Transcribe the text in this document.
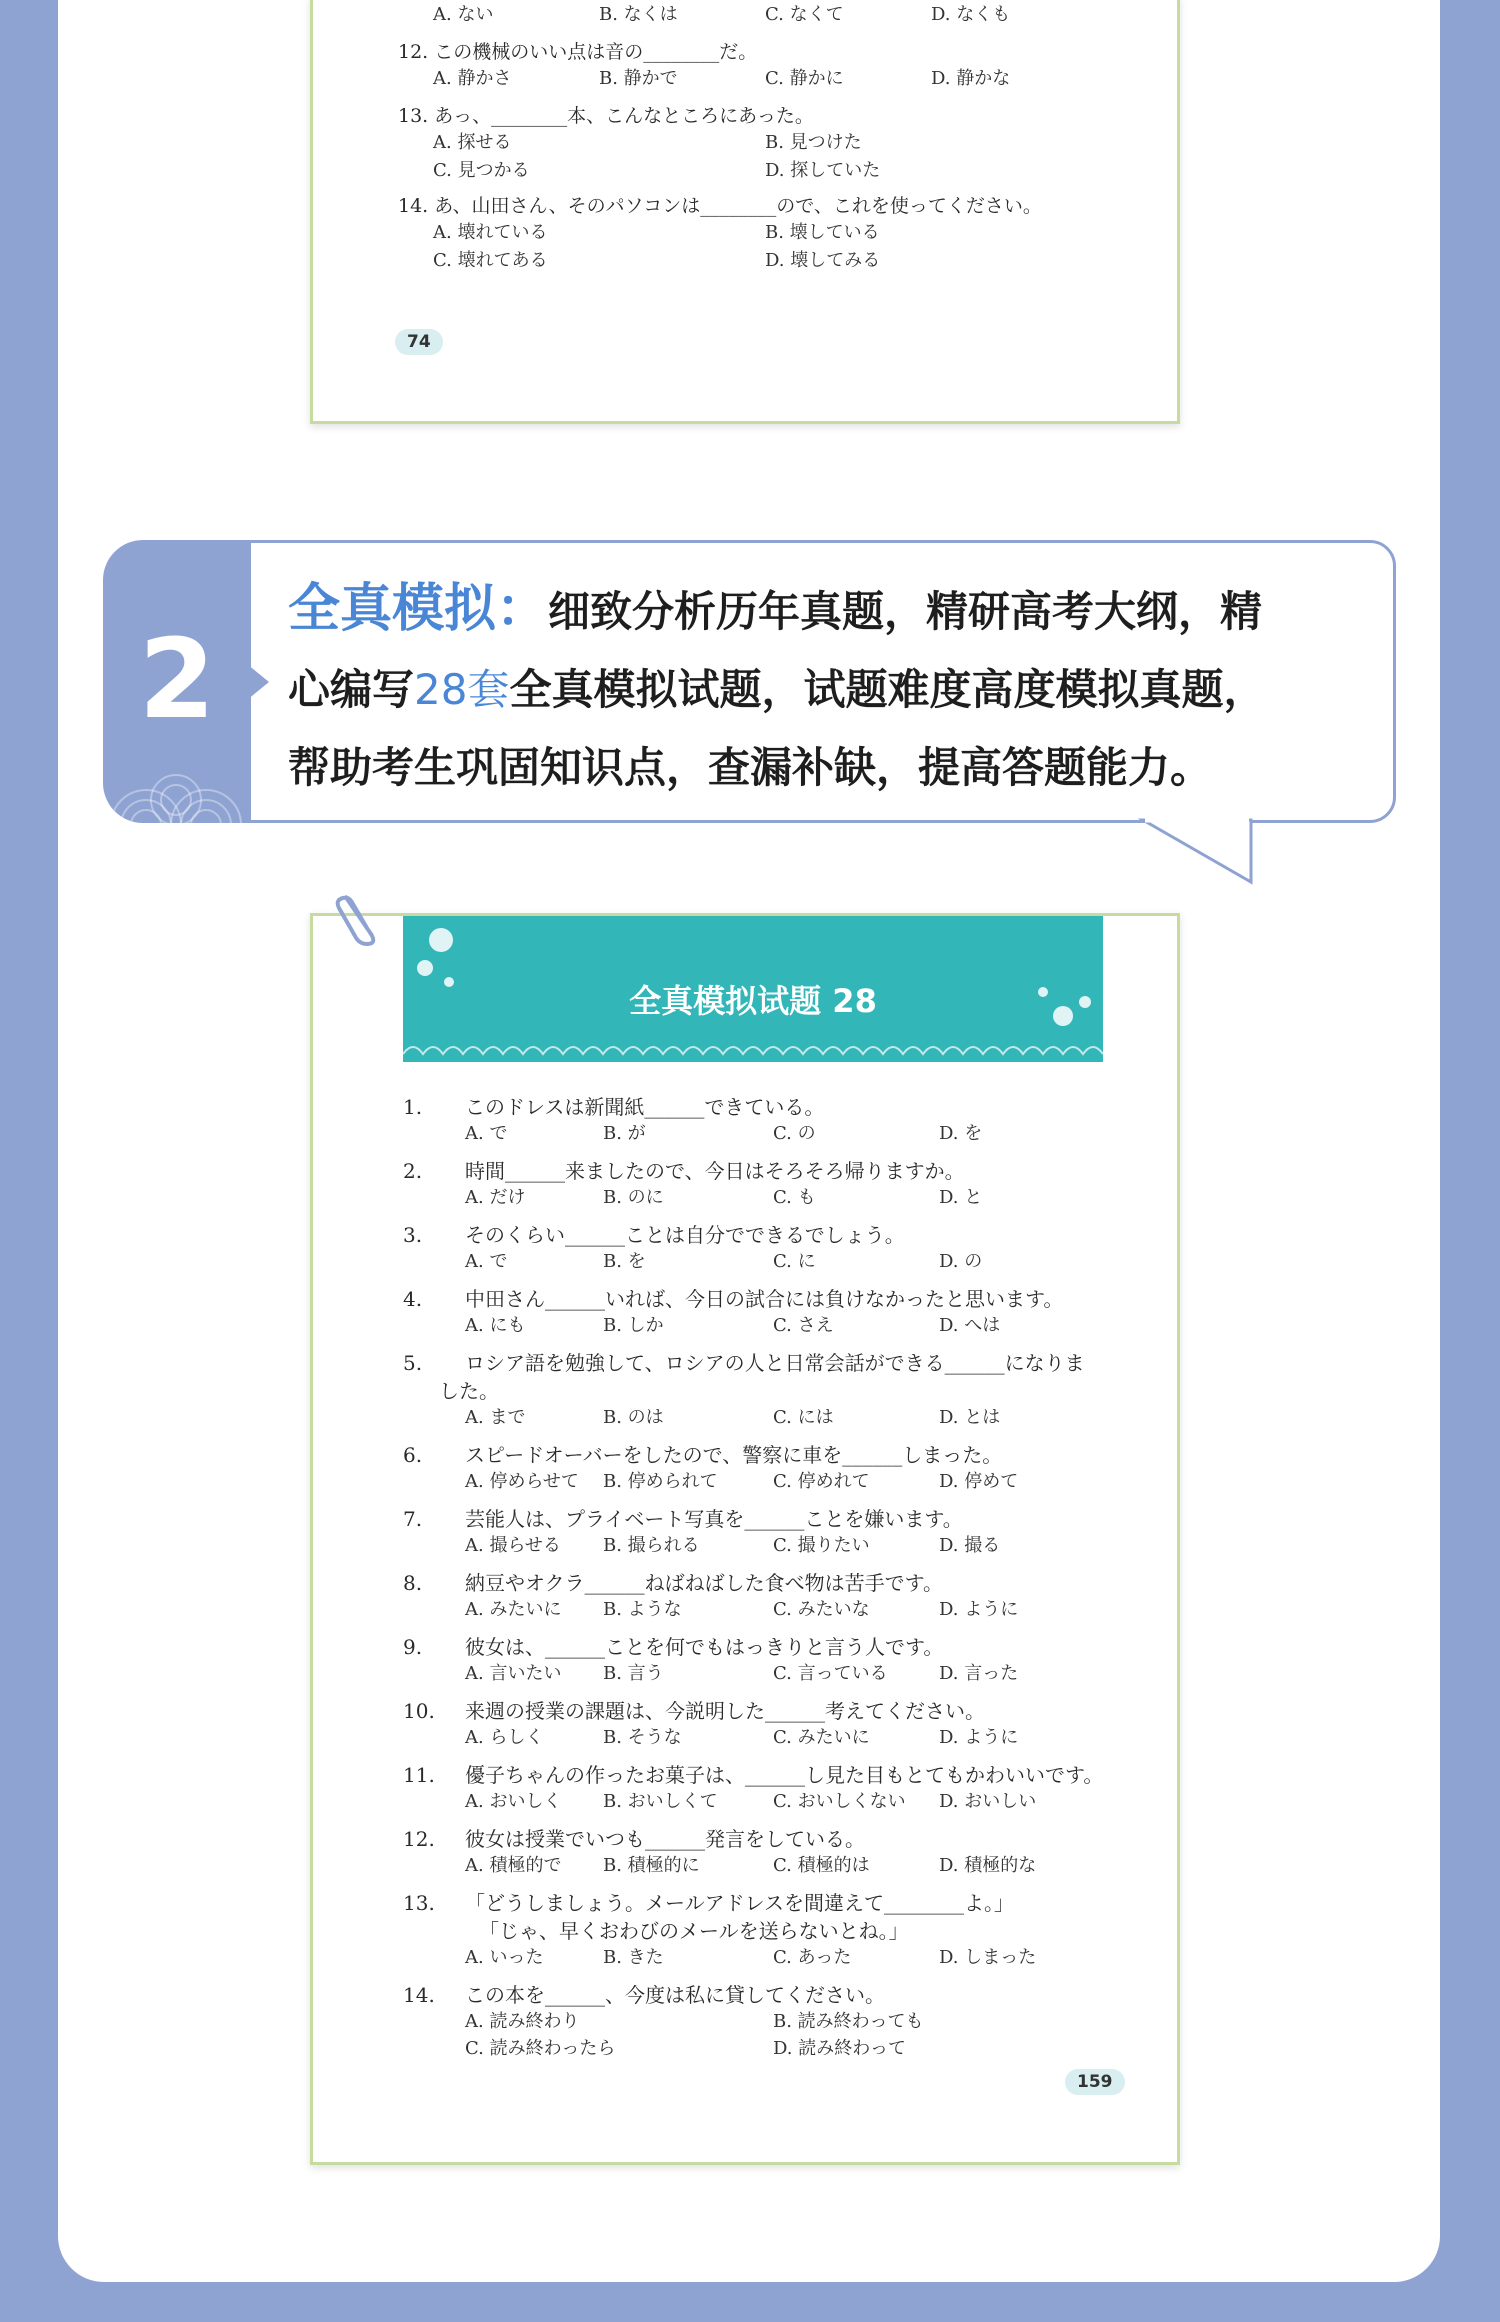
A. ない	B. なくは	C. なくて	D. なくも
12. この機械のいい点は音の________だ。
A. 静かさ	B. 静かで	C. 静かに	D. 静かな
13. あっ、________本、こんなところにあった。
A. 探せる	B. 見つけた
C. 見つかる	D. 探していた
14. あ、山田さん、そのパソコンは________ので、これを使ってください。
A. 壊れている	B. 壊している
C. 壊れてある	D. 壊してみる
74
2
全真模拟：细致分析历年真题，精研高考大纲，精
心编写28套全真模拟试题，试题难度高度模拟真题，
帮助考生巩固知识点，查漏补缺，提高答题能力。
全真模拟试题 28
1. このドレスは新聞紙______できている。
A. で	B. が	C. の	D. を
2. 時間______来ましたので、今日はそろそろ帰りますか。
A. だけ	B. のに	C. も	D. と
3. そのくらい______ことは自分でできるでしょう。
A. で	B. を	C. に	D. の
4. 中田さん______いれば、今日の試合には負けなかったと思います。
A. にも	B. しか	C. さえ	D. へは
5. ロシア語を勉強して、ロシアの人と日常会話ができる______になりま
した。
A. まで	B. のは	C. には	D. とは
6. スピードオーバーをしたので、警察に車を______しまった。
A. 停めらせて B. 停められて	C. 停めれて	D. 停めて
7. 芸能人は、プライベート写真を______ことを嫌います。
A. 撮らせる B. 撮られる	C. 撮りたい	D. 撮る
8. 納豆やオクラ______ねばねばした食べ物は苦手です。
A. みたいに B. ような	C. みたいな	D. ように
9. 彼女は、______ことを何でもはっきりと言う人です。
A. 言いたい B. 言う	C. 言っている	D. 言った
10. 来週の授業の課題は、今説明した______考えてください。
A. らしく	B. そうな	C. みたいに	D. ように
11. 優子ちゃんの作ったお菓子は、______し見た目もとてもかわいいです。
A. おいしく B. おいしくて	C. おいしくない D. おいしい
12. 彼女は授業でいつも______発言をしている。
A. 積極的で B. 積極的に	C. 積極的は	D. 積極的な
13. 「どうしましょう。メールアドレスを間違えて________よ。」
「じゃ、早くおわびのメールを送らないとね。」
A. いった	B. きた	C. あった	D. しまった
14. この本を______、今度は私に貸してください。
A. 読み終わり	B. 読み終わっても
C. 読み終わったら	D. 読み終わって
159
